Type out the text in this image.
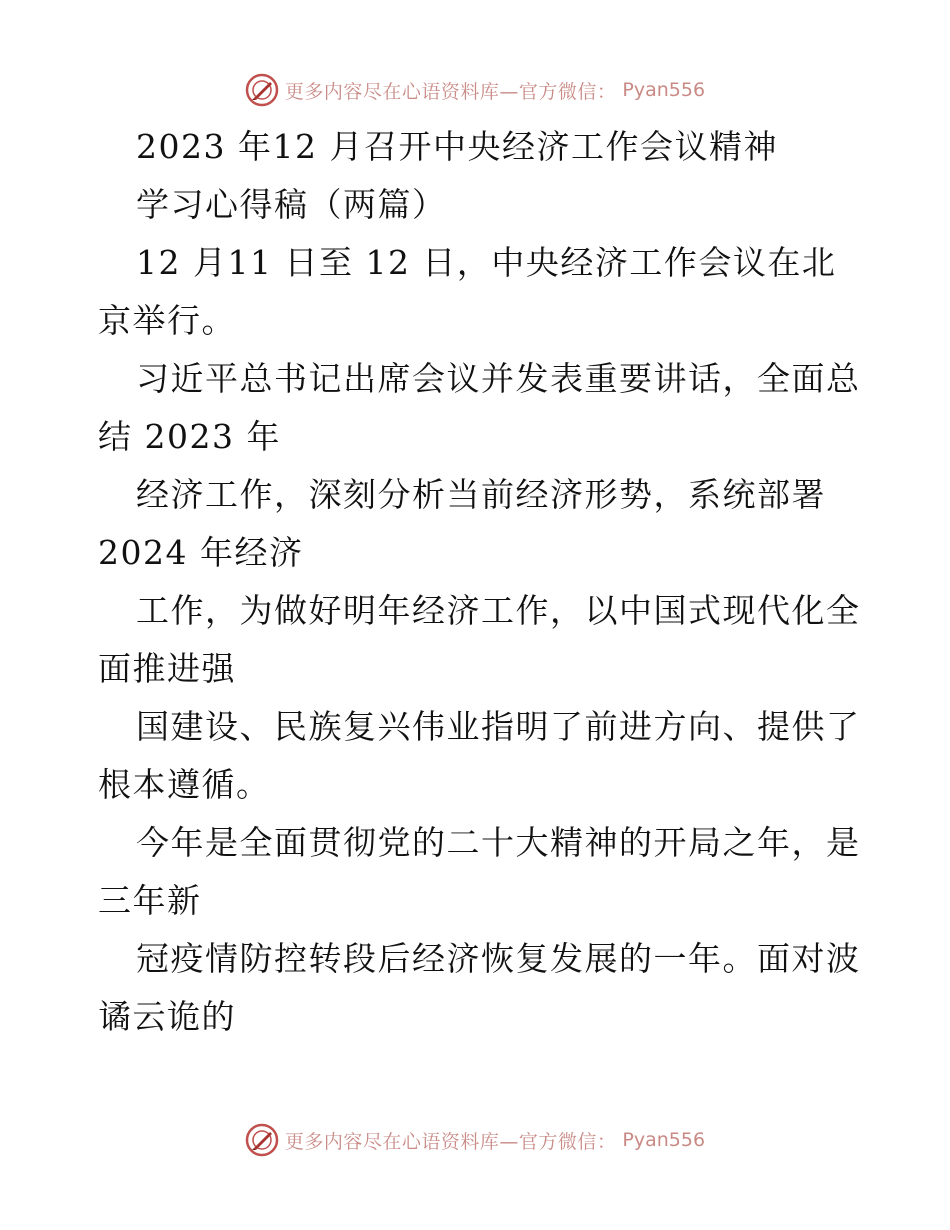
更多内容尽在心语资料库—官方微信： Pyan556
2023 年12 月召开中央经济工作会议精神
学习心得稿（两篇）
12 月11 日至 12 日，中央经济工作会议在北
京举行。
习近平总书记出席会议并发表重要讲话，全面总
结 2023 年
经济工作，深刻分析当前经济形势，系统部署
2024 年经济
工作，为做好明年经济工作，以中国式现代化全
面推进强
国建设、民族复兴伟业指明了前进方向、提供了
根本遵循。
今年是全面贯彻党的二十大精神的开局之年，是
三年新
冠疫情防控转段后经济恢复发展的一年。面对波
谲云诡的
更多内容尽在心语资料库—官方微信： Pyan556
